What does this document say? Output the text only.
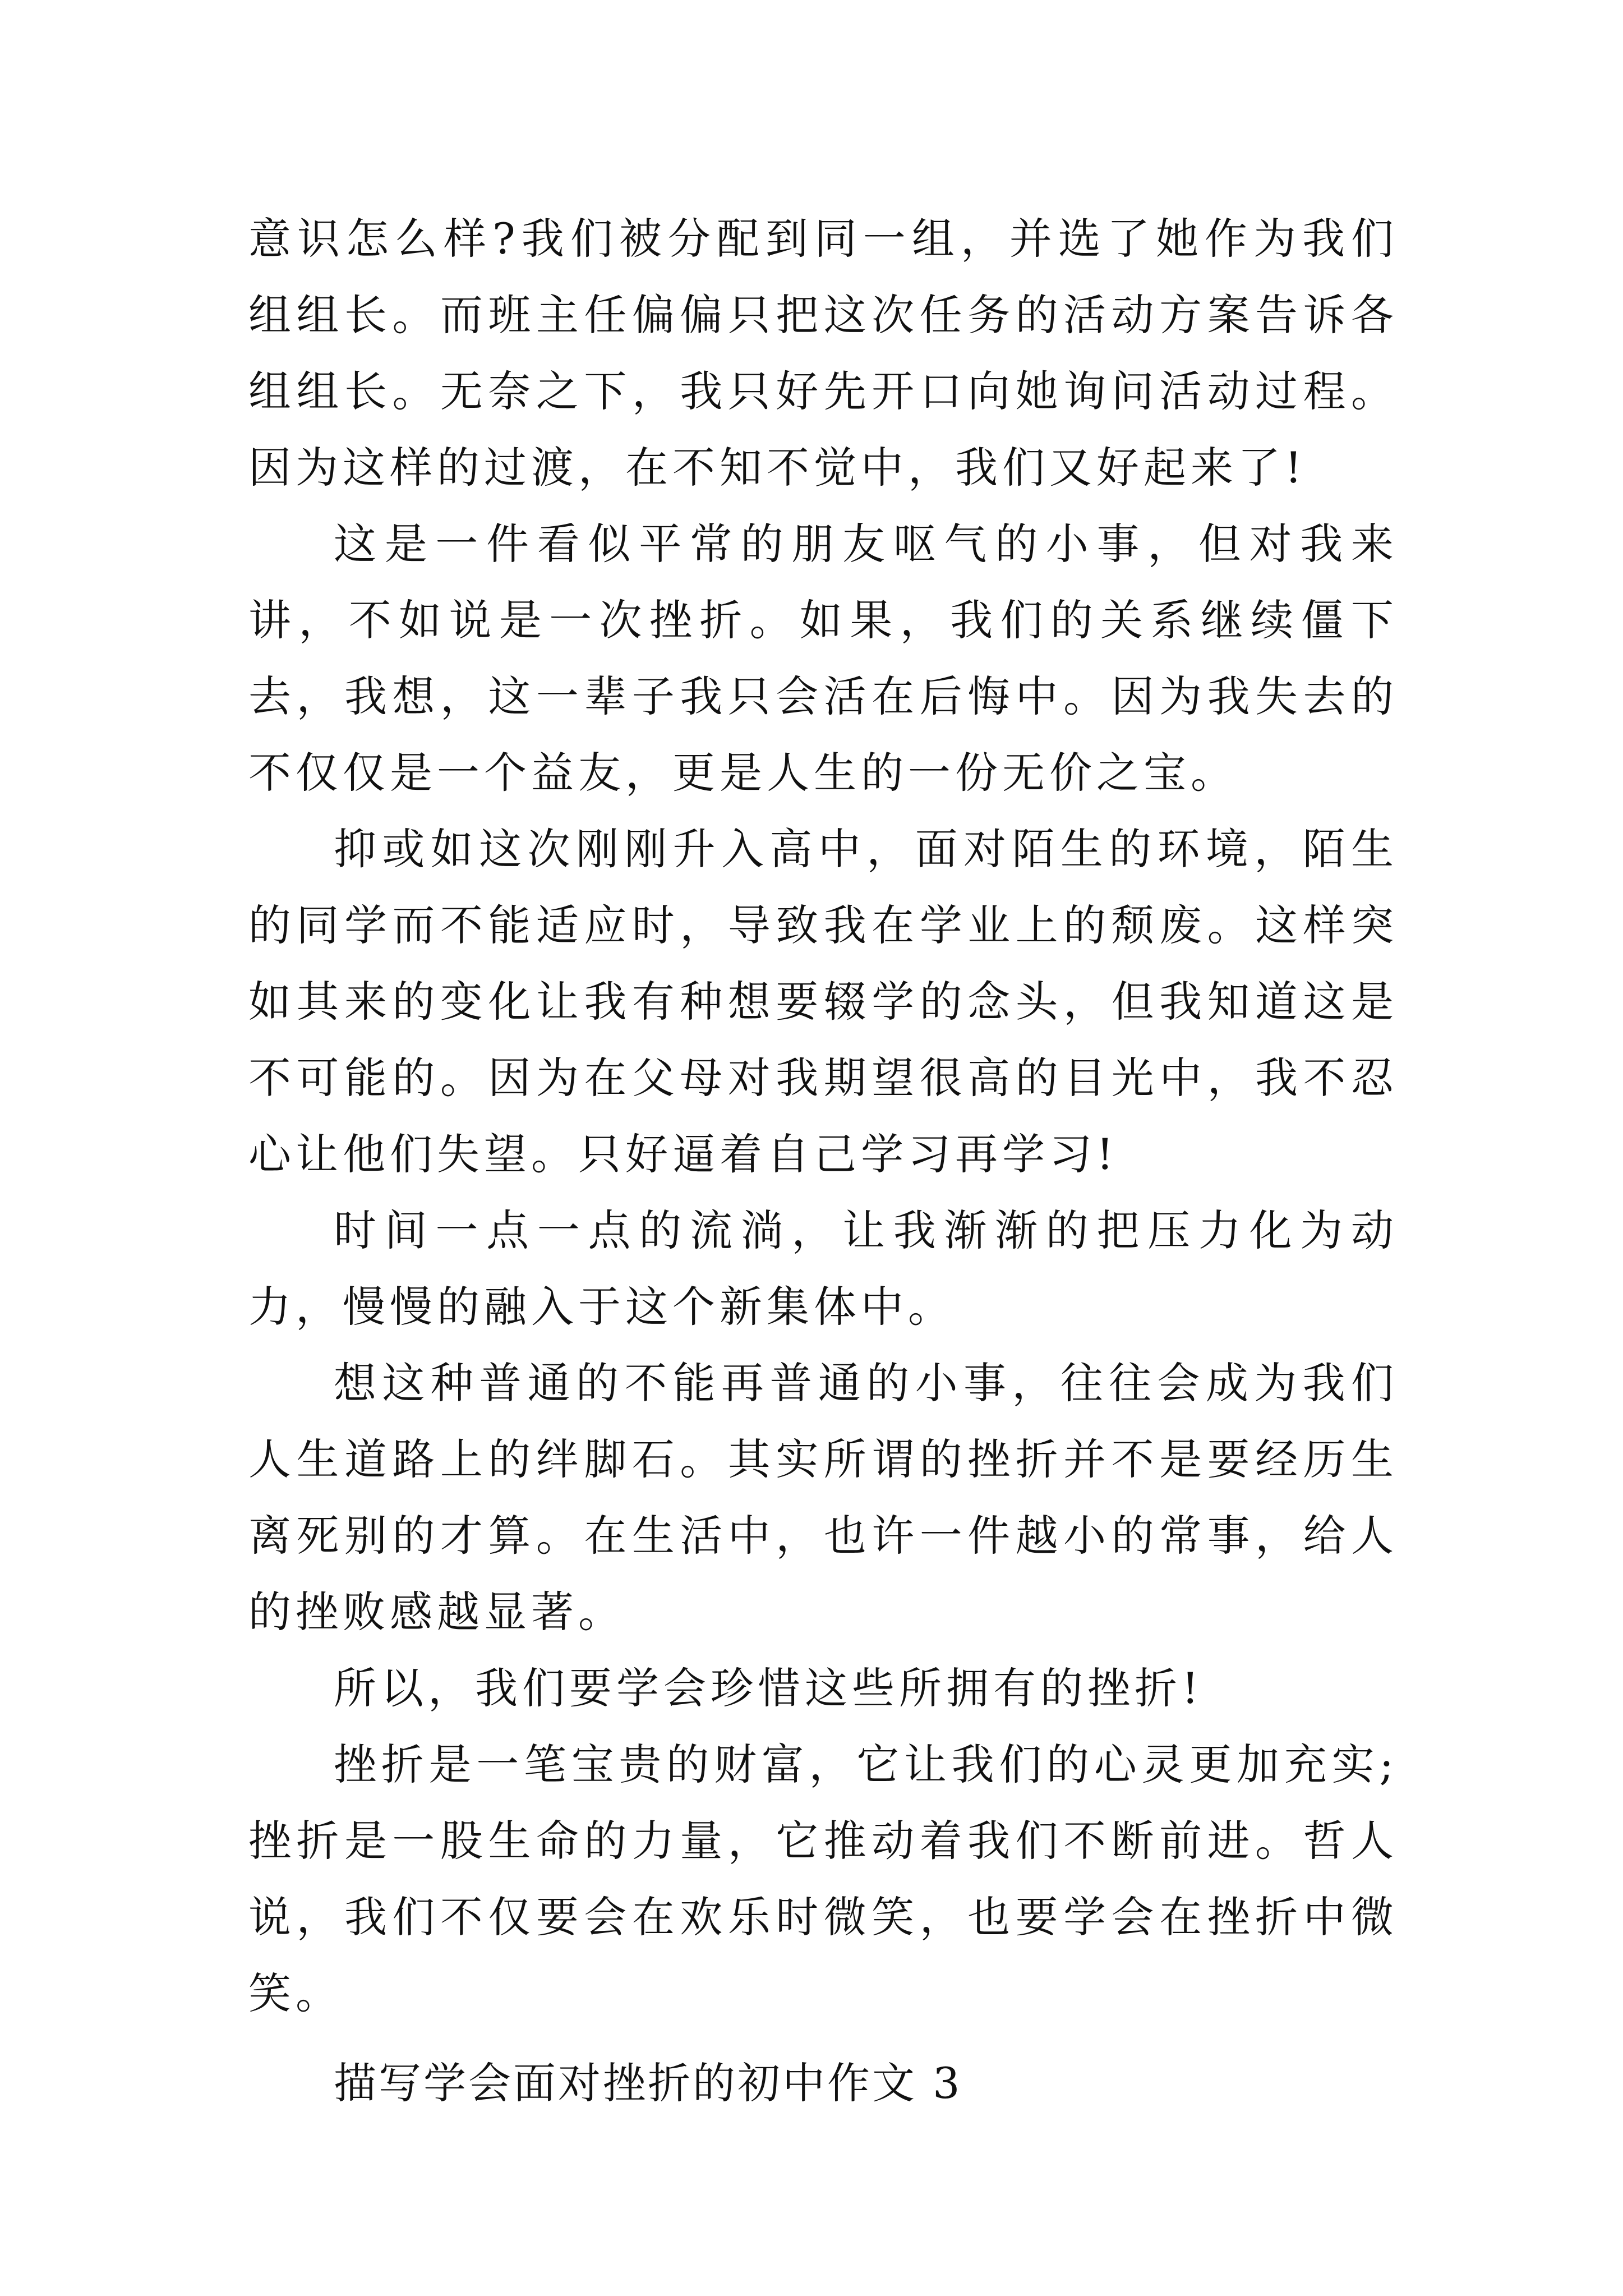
意识怎么样?我们被分配到同一组，并选了她作为我们组组长。而班主任偏偏只把这次任务的活动方案告诉各组组长。无奈之下，我只好先开口向她询问活动过程。因为这样的过渡，在不知不觉中，我们又好起来了!

这是一件看似平常的朋友呕气的小事，但对我来讲，不如说是一次挫折。如果，我们的关系继续僵下去，我想，这一辈子我只会活在后悔中。因为我失去的不仅仅是一个益友，更是人生的一份无价之宝。

抑或如这次刚刚升入高中，面对陌生的环境，陌生的同学而不能适应时，导致我在学业上的颓废。这样突如其来的变化让我有种想要辍学的念头，但我知道这是不可能的。因为在父母对我期望很高的目光中，我不忍心让他们失望。只好逼着自己学习再学习!

时间一点一点的流淌，让我渐渐的把压力化为动力，慢慢的融入于这个新集体中。

想这种普通的不能再普通的小事，往往会成为我们人生道路上的绊脚石。其实所谓的挫折并不是要经历生离死别的才算。在生活中，也许一件越小的常事，给人的挫败感越显著。

所以，我们要学会珍惜这些所拥有的挫折!

挫折是一笔宝贵的财富，它让我们的心灵更加充实;挫折是一股生命的力量，它推动着我们不断前进。哲人说，我们不仅要会在欢乐时微笑，也要学会在挫折中微笑。

描写学会面对挫折的初中作文 3
